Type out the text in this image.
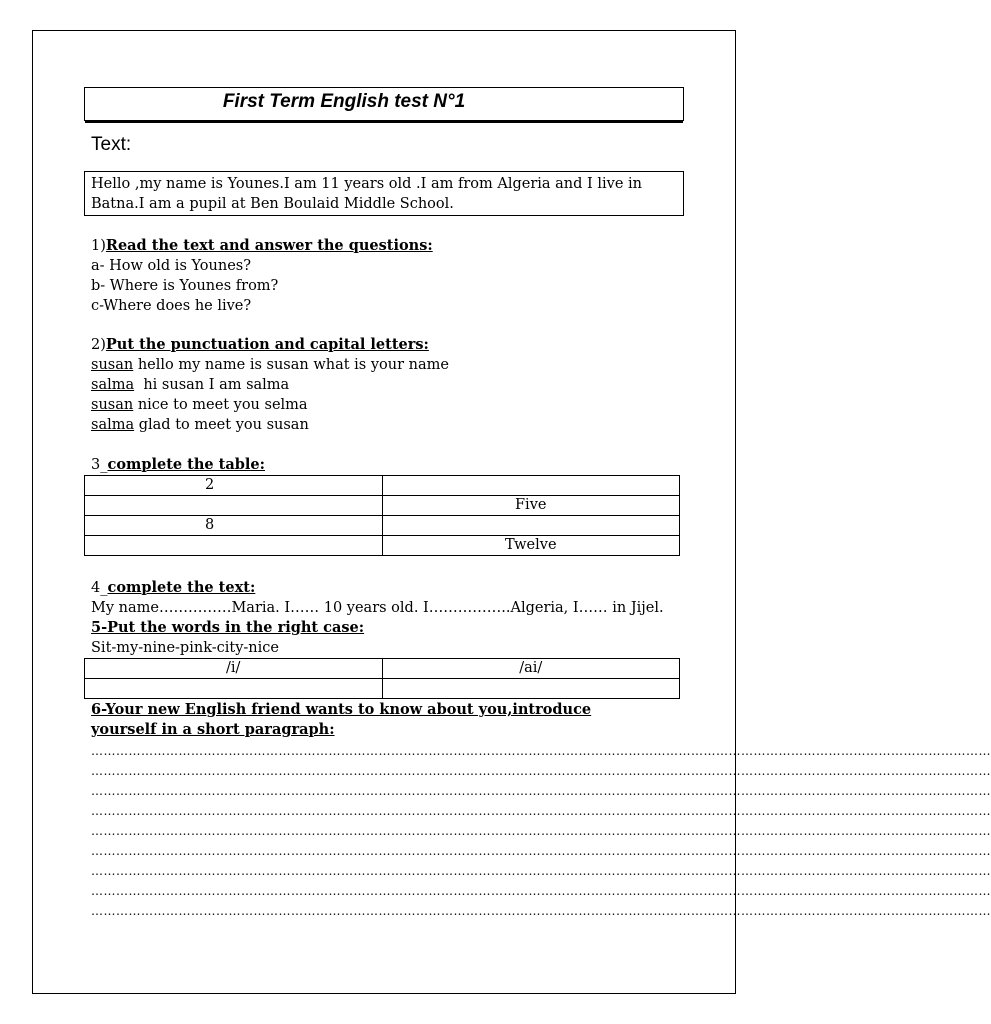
First Term English test N°1
Text:
Hello ,my name is Younes.I am 11 years old .I am from Algeria and I live in Batna.I am a pupil at Ben Boulaid Middle School.
1)Read the text and answer the questions:
a- How old is Younes?
b- Where is Younes from?
c-Where does he live?
2)Put the punctuation and capital letters:
susan hello my name is susan what is your name
salma  hi susan I am salma
susan nice to meet you selma
salma glad to meet you susan
3_complete the table:
2	
	Five
8	
	Twelve
4_complete the text:
My name……………Maria. I…… 10 years old. I……………..Algeria, I…… in Jijel.
5-Put the words in the right case:
Sit-my-nine-pink-city-nice
/i/	/ai/

6-Your new English friend wants to know about you,introduce
yourself in a short paragraph:
………………………………………………………………………………………………………………………………………………………………………………………………
………………………………………………………………………………………………………………………………………………………………………………………………
………………………………………………………………………………………………………………………………………………………………………………………………
………………………………………………………………………………………………………………………………………………………………………………………………
………………………………………………………………………………………………………………………………………………………………………………………………
………………………………………………………………………………………………………………………………………………………………………………………………
………………………………………………………………………………………………………………………………………………………………………………………………
………………………………………………………………………………………………………………………………………………………………………………………………
………………………………………………………………………………………………………………………………………………………………………………………………
